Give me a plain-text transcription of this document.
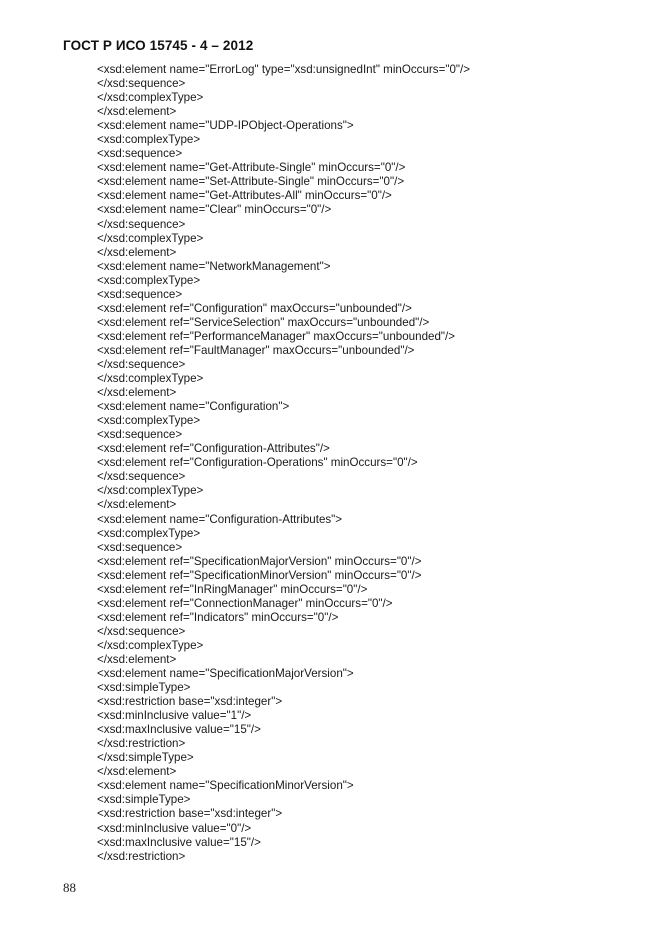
ГОСТ Р ИСО 15745 - 4 – 2012
<xsd:element name="ErrorLog" type="xsd:unsignedInt" minOccurs="0"/>
</xsd:sequence>
</xsd:complexType>
</xsd:element>
<xsd:element name="UDP-IPObject-Operations">
<xsd:complexType>
<xsd:sequence>
<xsd:element name="Get-Attribute-Single" minOccurs="0"/>
<xsd:element name="Set-Attribute-Single" minOccurs="0"/>
<xsd:element name="Get-Attributes-All" minOccurs="0"/>
<xsd:element name="Clear" minOccurs="0"/>
</xsd:sequence>
</xsd:complexType>
</xsd:element>
<xsd:element name="NetworkManagement">
<xsd:complexType>
<xsd:sequence>
<xsd:element ref="Configuration" maxOccurs="unbounded"/>
<xsd:element ref="ServiceSelection" maxOccurs="unbounded"/>
<xsd:element ref="PerformanceManager" maxOccurs="unbounded"/>
<xsd:element ref="FaultManager" maxOccurs="unbounded"/>
</xsd:sequence>
</xsd:complexType>
</xsd:element>
<xsd:element name="Configuration">
<xsd:complexType>
<xsd:sequence>
<xsd:element ref="Configuration-Attributes"/>
<xsd:element ref="Configuration-Operations" minOccurs="0"/>
</xsd:sequence>
</xsd:complexType>
</xsd:element>
<xsd:element name="Configuration-Attributes">
<xsd:complexType>
<xsd:sequence>
<xsd:element ref="SpecificationMajorVersion" minOccurs="0"/>
<xsd:element ref="SpecificationMinorVersion" minOccurs="0"/>
<xsd:element ref="InRingManager" minOccurs="0"/>
<xsd:element ref="ConnectionManager" minOccurs="0"/>
<xsd:element ref="Indicators" minOccurs="0"/>
</xsd:sequence>
</xsd:complexType>
</xsd:element>
<xsd:element name="SpecificationMajorVersion">
<xsd:simpleType>
<xsd:restriction base="xsd:integer">
<xsd:minInclusive value="1"/>
<xsd:maxInclusive value="15"/>
</xsd:restriction>
</xsd:simpleType>
</xsd:element>
<xsd:element name="SpecificationMinorVersion">
<xsd:simpleType>
<xsd:restriction base="xsd:integer">
<xsd:minInclusive value="0"/>
<xsd:maxInclusive value="15"/>
</xsd:restriction>
88
